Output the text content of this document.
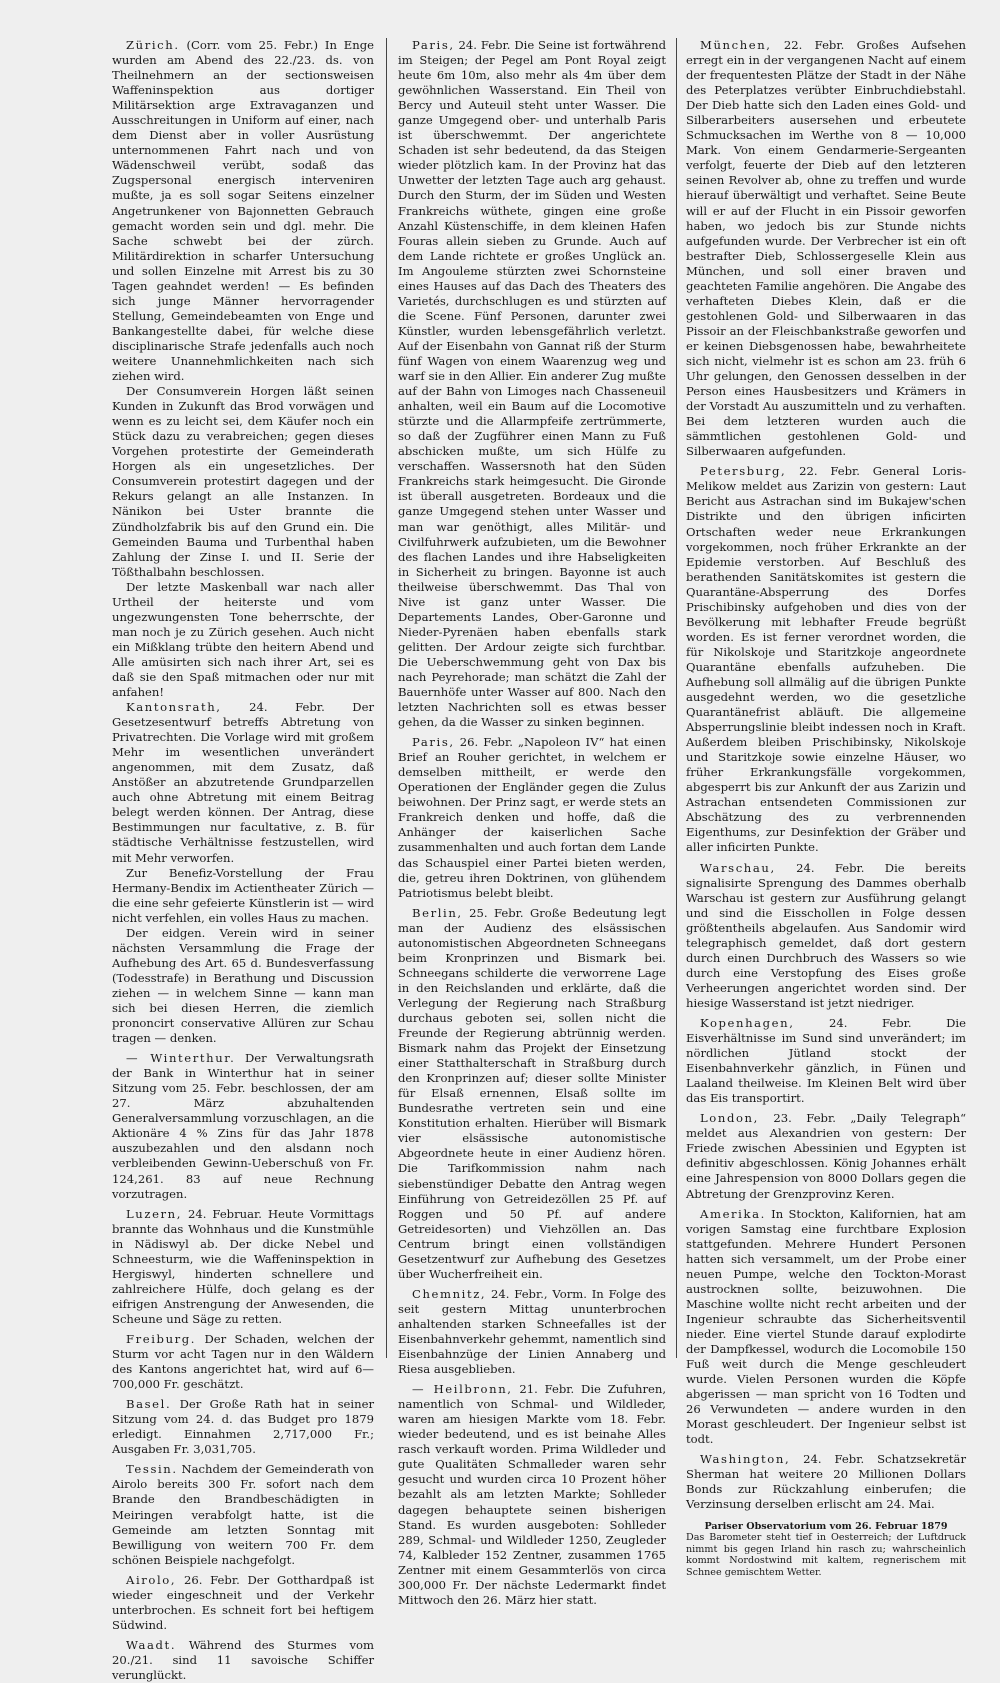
Zürich. (Corr. vom 25. Febr.) In Enge wurden am Abend des 22./23. ds. von Theilnehmern an der sectionsweisen Waffeninspektion aus dortiger Militärsektion arge Extravaganzen und Ausschreitungen in Uniform auf einer, nach dem Dienst aber in voller Ausrüstung unternommenen Fahrt nach und von Wädenschweil verübt, sodaß das Zugspersonal energisch interveniren mußte, ja es soll sogar Seitens einzelner Angetrunkener von Bajonnetten Gebrauch gemacht worden sein und dgl. mehr. Die Sache schwebt bei der zürch. Militärdirektion in scharfer Untersuchung und sollen Einzelne mit Arrest bis zu 30 Tagen geahndet werden! — Es befinden sich junge Männer hervorragender Stellung, Gemeindebeamten von Enge und Bankangestellte dabei, für welche diese disciplinarische Strafe jedenfalls auch noch weitere Unannehmlichkeiten nach sich ziehen wird.

Der Consumverein Horgen läßt seinen Kunden in Zukunft das Brod vorwägen und wenn es zu leicht sei, dem Käufer noch ein Stück dazu zu verabreichen; gegen dieses Vorgehen protestirte der Gemeinderath Horgen als ein ungesetzliches. Der Consumverein protestirt dagegen und der Rekurs gelangt an alle Instanzen. In Nänikon bei Uster brannte die Zündholzfabrik bis auf den Grund ein. Die Gemeinden Bauma und Turbenthal haben Zahlung der Zinse I. und II. Serie der Tößthalbahn beschlossen.

Der letzte Maskenball war nach aller Urtheil der heiterste und vom ungezwungensten Tone beherrschte, der man noch je zu Zürich gesehen. Auch nicht ein Mißklang trübte den heitern Abend und Alle amüsirten sich nach ihrer Art, sei es daß sie den Spaß mitmachen oder nur mit anfahen!

Kantonsrath, 24. Febr. Der Gesetzesentwurf betreffs Abtretung von Privatrechten. Die Vorlage wird mit großem Mehr im wesentlichen unverändert angenommen, mit dem Zusatz, daß Anstößer an abzutretende Grundparzellen auch ohne Abtretung mit einem Beitrag belegt werden können. Der Antrag, diese Bestimmungen nur facultative, z. B. für städtische Verhältnisse festzustellen, wird mit Mehr verworfen.

Zur Benefiz-Vorstellung der Frau Hermany-Bendix im Actientheater Zürich — die eine sehr gefeierte Künstlerin ist — wird nicht verfehlen, ein volles Haus zu machen.

Der eidgen. Verein wird in seiner nächsten Versammlung die Frage der Aufhebung des Art. 65 d. Bundesverfassung (Todesstrafe) in Berathung und Discussion ziehen — in welchem Sinne — kann man sich bei diesen Herren, die ziemlich prononcirt conservative Allüren zur Schau tragen — denken.

— Winterthur. Der Verwaltungsrath der Bank in Winterthur hat in seiner Sitzung vom 25. Febr. beschlossen, der am 27. März abzuhaltenden Generalversammlung vorzuschlagen, an die Aktionäre 4 % Zins für das Jahr 1878 auszubezahlen und den alsdann noch verbleibenden Gewinn-Ueberschuß von Fr. 124,261. 83 auf neue Rechnung vorzutragen.

Luzern, 24. Februar. Heute Vormittags brannte das Wohnhaus und die Kunstmühle in Nädiswyl ab. Der dicke Nebel und Schneesturm, wie die Waffeninspektion in Hergiswyl, hinderten schnellere und zahlreichere Hülfe, doch gelang es der eifrigen Anstrengung der Anwesenden, die Scheune und Säge zu retten.

Freiburg. Der Schaden, welchen der Sturm vor acht Tagen nur in den Wäldern des Kantons angerichtet hat, wird auf 6—700,000 Fr. geschätzt.

Basel. Der Große Rath hat in seiner Sitzung vom 24. d. das Budget pro 1879 erledigt. Einnahmen 2,717,000 Fr.; Ausgaben Fr. 3,031,705.

Tessin. Nachdem der Gemeinderath von Airolo bereits 300 Fr. sofort nach dem Brande den Brandbeschädigten in Meiringen verabfolgt hatte, ist die Gemeinde am letzten Sonntag mit Bewilligung von weitern 700 Fr. dem schönen Beispiele nachgefolgt.

Airolo, 26. Febr. Der Gotthardpaß ist wieder eingeschneit und der Verkehr unterbrochen. Es schneit fort bei heftigem Südwind.

Waadt. Während des Sturmes vom 20./21. sind 11 savoische Schiffer verunglückt.

Paris, 24. Febr. Die Seine ist fortwährend im Steigen; der Pegel am Pont Royal zeigt heute 6m 10m, also mehr als 4m über dem gewöhnlichen Wasserstand. Ein Theil von Bercy und Auteuil steht unter Wasser. Die ganze Umgegend ober- und unterhalb Paris ist überschwemmt. Der angerichtete Schaden ist sehr bedeutend, da das Steigen wieder plötzlich kam. In der Provinz hat das Unwetter der letzten Tage auch arg gehaust. Durch den Sturm, der im Süden und Westen Frankreichs wüthete, gingen eine große Anzahl Küstenschiffe, in dem kleinen Hafen Fouras allein sieben zu Grunde. Auch auf dem Lande richtete er großes Unglück an. Im Angouleme stürzten zwei Schornsteine eines Hauses auf das Dach des Theaters des Varietés, durchschlugen es und stürzten auf die Scene. Fünf Personen, darunter zwei Künstler, wurden lebensgefährlich verletzt. Auf der Eisenbahn von Gannat riß der Sturm fünf Wagen von einem Waarenzug weg und warf sie in den Allier. Ein anderer Zug mußte auf der Bahn von Limoges nach Chasseneuil anhalten, weil ein Baum auf die Locomotive stürzte und die Allarmpfeife zertrümmerte, so daß der Zugführer einen Mann zu Fuß abschicken mußte, um sich Hülfe zu verschaffen. Wassersnoth hat den Süden Frankreichs stark heimgesucht. Die Gironde ist überall ausgetreten. Bordeaux und die ganze Umgegend stehen unter Wasser und man war genöthigt, alles Militär- und Civilfuhrwerk aufzubieten, um die Bewohner des flachen Landes und ihre Habseligkeiten in Sicherheit zu bringen. Bayonne ist auch theilweise überschwemmt. Das Thal von Nive ist ganz unter Wasser. Die Departements Landes, Ober-Garonne und Nieder-Pyrenäen haben ebenfalls stark gelitten. Der Ardour zeigte sich furchtbar. Die Ueberschwemmung geht von Dax bis nach Peyrehorade; man schätzt die Zahl der Bauernhöfe unter Wasser auf 800. Nach den letzten Nachrichten soll es etwas besser gehen, da die Wasser zu sinken beginnen.

Paris, 26. Febr. „Napoleon IV“ hat einen Brief an Rouher gerichtet, in welchem er demselben mittheilt, er werde den Operationen der Engländer gegen die Zulus beiwohnen. Der Prinz sagt, er werde stets an Frankreich denken und hoffe, daß die Anhänger der kaiserlichen Sache zusammenhalten und auch fortan dem Lande das Schauspiel einer Partei bieten werden, die, getreu ihren Doktrinen, von glühendem Patriotismus belebt bleibt.

Berlin, 25. Febr. Große Bedeutung legt man der Audienz des elsässischen autonomistischen Abgeordneten Schneegans beim Kronprinzen und Bismark bei. Schneegans schilderte die verworrene Lage in den Reichslanden und erklärte, daß die Verlegung der Regierung nach Straßburg durchaus geboten sei, sollen nicht die Freunde der Regierung abtrünnig werden. Bismark nahm das Projekt der Einsetzung einer Statthalterschaft in Straßburg durch den Kronprinzen auf; dieser sollte Minister für Elsaß ernennen, Elsaß sollte im Bundesrathe vertreten sein und eine Konstitution erhalten. Hierüber will Bismark vier elsässische autonomistische Abgeordnete heute in einer Audienz hören. Die Tarifkommission nahm nach siebenstündiger Debatte den Antrag wegen Einführung von Getreidezöllen 25 Pf. auf Roggen und 50 Pf. auf andere Getreidesorten) und Viehzöllen an. Das Centrum bringt einen vollständigen Gesetzentwurf zur Aufhebung des Gesetzes über Wucherfreiheit ein.

Chemnitz, 24. Febr., Vorm. In Folge des seit gestern Mittag ununterbrochen anhaltenden starken Schneefalles ist der Eisenbahnverkehr gehemmt, namentlich sind Eisenbahnzüge der Linien Annaberg und Riesa ausgeblieben.

— Heilbronn, 21. Febr. Die Zufuhren, namentlich von Schmal- und Wildleder, waren am hiesigen Markte vom 18. Febr. wieder bedeutend, und es ist beinahe Alles rasch verkauft worden. Prima Wildleder und gute Qualitäten Schmalleder waren sehr gesucht und wurden circa 10 Prozent höher bezahlt als am letzten Markte; Sohlleder dagegen behauptete seinen bisherigen Stand. Es wurden ausgeboten: Sohlleder 289, Schmal- und Wildleder 1250, Zeugleder 74, Kalbleder 152 Zentner, zusammen 1765 Zentner mit einem Gesammterlös von circa 300,000 Fr. Der nächste Ledermarkt findet Mittwoch den 26. März hier statt.

München, 22. Febr. Großes Aufsehen erregt ein in der vergangenen Nacht auf einem der frequentesten Plätze der Stadt in der Nähe des Peterplatzes verübter Einbruchdiebstahl. Der Dieb hatte sich den Laden eines Gold- und Silberarbeiters ausersehen und erbeutete Schmucksachen im Werthe von 8 — 10,000 Mark. Von einem Gendarmerie-Sergeanten verfolgt, feuerte der Dieb auf den letzteren seinen Revolver ab, ohne zu treffen und wurde hierauf überwältigt und verhaftet. Seine Beute will er auf der Flucht in ein Pissoir geworfen haben, wo jedoch bis zur Stunde nichts aufgefunden wurde. Der Verbrecher ist ein oft bestrafter Dieb, Schlossergeselle Klein aus München, und soll einer braven und geachteten Familie angehören. Die Angabe des verhafteten Diebes Klein, daß er die gestohlenen Gold- und Silberwaaren in das Pissoir an der Fleischbankstraße geworfen und er keinen Diebsgenossen habe, bewahrheitete sich nicht, vielmehr ist es schon am 23. früh 6 Uhr gelungen, den Genossen desselben in der Person eines Hausbesitzers und Krämers in der Vorstadt Au auszumitteln und zu verhaften. Bei dem letzteren wurden auch die sämmtlichen gestohlenen Gold- und Silberwaaren aufgefunden.

Petersburg, 22. Febr. General Loris-Melikow meldet aus Zarizin von gestern: Laut Bericht aus Astrachan sind im Bukajew'schen Distrikte und den übrigen inficirten Ortschaften weder neue Erkrankungen vorgekommen, noch früher Erkrankte an der Epidemie verstorben. Auf Beschluß des berathenden Sanitätskomites ist gestern die Quarantäne-Absperrung des Dorfes Prischibinsky aufgehoben und dies von der Bevölkerung mit lebhafter Freude begrüßt worden. Es ist ferner verordnet worden, die für Nikolskoje und Staritzkoje angeordnete Quarantäne ebenfalls aufzuheben. Die Aufhebung soll allmälig auf die übrigen Punkte ausgedehnt werden, wo die gesetzliche Quarantänefrist abläuft. Die allgemeine Absperrungslinie bleibt indessen noch in Kraft. Außerdem bleiben Prischibinsky, Nikolskoje und Staritzkoje sowie einzelne Häuser, wo früher Erkrankungsfälle vorgekommen, abgesperrt bis zur Ankunft der aus Zarizin und Astrachan entsendeten Commissionen zur Abschätzung des zu verbrennenden Eigenthums, zur Desinfektion der Gräber und aller inficirten Punkte.

Warschau, 24. Febr. Die bereits signalisirte Sprengung des Dammes oberhalb Warschau ist gestern zur Ausführung gelangt und sind die Eisschollen in Folge dessen größtentheils abgelaufen. Aus Sandomir wird telegraphisch gemeldet, daß dort gestern durch einen Durchbruch des Wassers so wie durch eine Verstopfung des Eises große Verheerungen angerichtet worden sind. Der hiesige Wasserstand ist jetzt niedriger.

Kopenhagen,	24. Febr. Die Eisverhältnisse im Sund sind unverändert; im nördlichen Jütland stockt der Eisenbahnverkehr gänzlich, in Fünen und Laaland theilweise. Im Kleinen Belt wird über das Eis transportirt.

London, 23. Febr. „Daily Telegraph“ meldet aus Alexandrien von gestern: Der Friede zwischen Abessinien und Egypten ist definitiv abgeschlossen. König Johannes erhält eine Jahrespension von 8000 Dollars gegen die Abtretung der Grenzprovinz Keren.

Amerika. In Stockton, Kalifornien, hat am vorigen Samstag eine furchtbare Explosion stattgefunden. Mehrere Hundert Personen hatten sich versammelt, um der Probe einer neuen Pumpe, welche den Tockton-Morast austrocknen sollte, beizuwohnen. Die Maschine wollte nicht recht arbeiten und der Ingenieur schraubte das Sicherheitsventil nieder. Eine viertel Stunde darauf explodirte der Dampfkessel, wodurch die Locomobile 150 Fuß weit durch die Menge geschleudert wurde. Vielen Personen wurden die Köpfe abgerissen — man spricht von 16 Todten und 26 Verwundeten — andere wurden in den Morast geschleudert. Der Ingenieur selbst ist todt.

Washington, 24. Febr. Schatzsekretär Sherman hat weitere 20 Millionen Dollars Bonds zur Rückzahlung einberufen; die Verzinsung derselben erlischt am 24. Mai.

Pariser Observatorium vom 26. Februar 1879
Das Barometer steht tief in Oesterreich; der Luftdruck nimmt bis gegen Irland hin rasch zu; wahrscheinlich kommt Nordostwind mit kaltem, regnerischem mit Schnee gemischtem Wetter.
